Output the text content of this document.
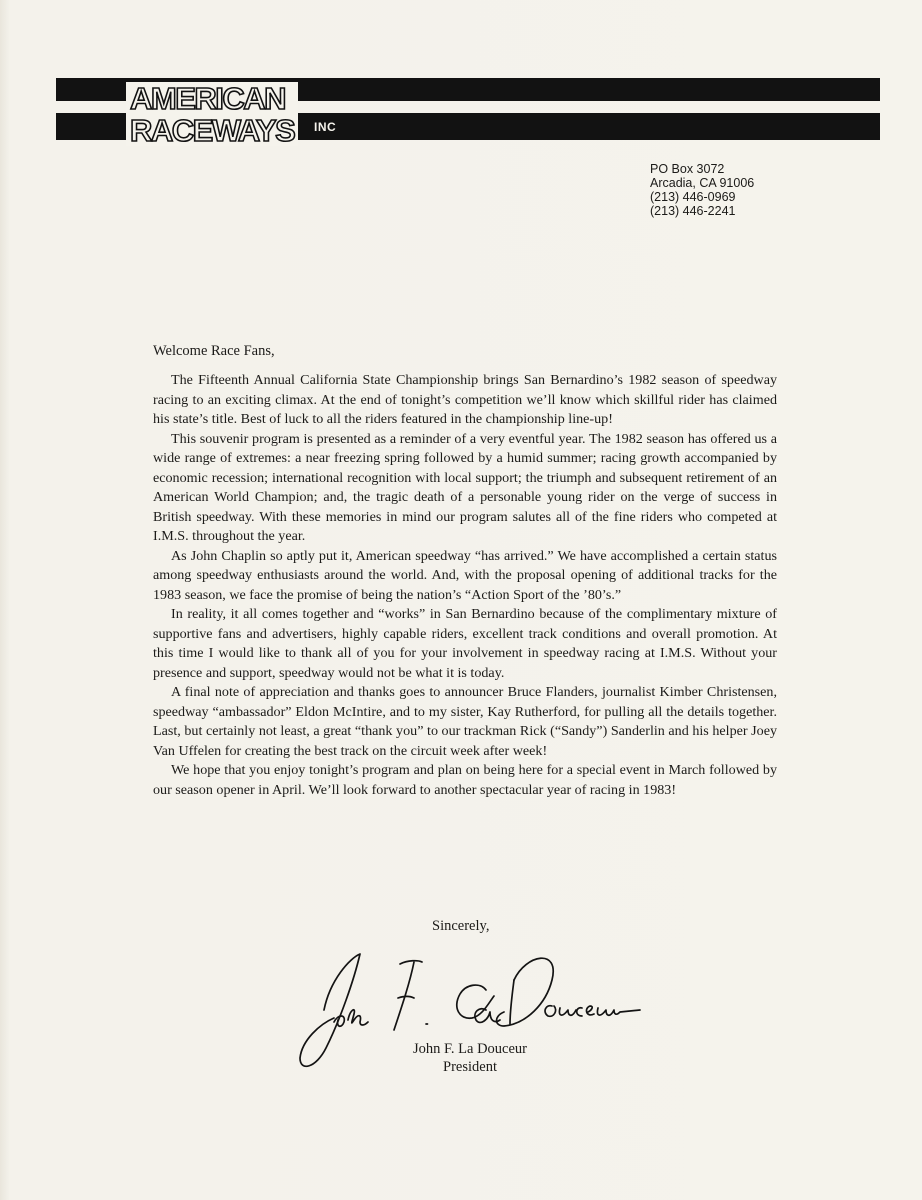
AMERICAN
RACEWAYS INC
PO Box 3072
Arcadia, CA 91006
(213) 446-0969
(213) 446-2241
Welcome Race Fans,

The Fifteenth Annual California State Championship brings San Bernardino’s 1982 season of speedway racing to an exciting climax. At the end of tonight’s competition we’ll know which skillful rider has claimed his state’s title. Best of luck to all the riders featured in the championship line-up!

This souvenir program is presented as a reminder of a very eventful year. The 1982 season has offered us a wide range of extremes: a near freezing spring followed by a humid summer; racing growth accompanied by economic recession; international recognition with local support; the triumph and subsequent retirement of an American World Champion; and, the tragic death of a personable young rider on the verge of success in British speedway. With these memories in mind our program salutes all of the fine riders who competed at I.M.S. throughout the year.

As John Chaplin so aptly put it, American speedway “has arrived.” We have accomplished a certain status among speedway enthusiasts around the world. And, with the proposal opening of additional tracks for the 1983 season, we face the promise of being the nation’s “Action Sport of the ’80’s.”

In reality, it all comes together and “works” in San Bernardino because of the complimentary mixture of supportive fans and advertisers, highly capable riders, excellent track conditions and overall promotion. At this time I would like to thank all of you for your involvement in speedway racing at I.M.S. Without your presence and support, speedway would not be what it is today.

A final note of appreciation and thanks goes to announcer Bruce Flanders, journalist Kimber Christensen, speedway “ambassador” Eldon McIntire, and to my sister, Kay Rutherford, for pulling all the details together. Last, but certainly not least, a great “thank you” to our trackman Rick (“Sandy”) Sanderlin and his helper Joey Van Uffelen for creating the best track on the circuit week after week!

We hope that you enjoy tonight’s program and plan on being here for a special event in March followed by our season opener in April. We’ll look forward to another spectacular year of racing in 1983!

Sincerely,
John F. La Douceur
President
